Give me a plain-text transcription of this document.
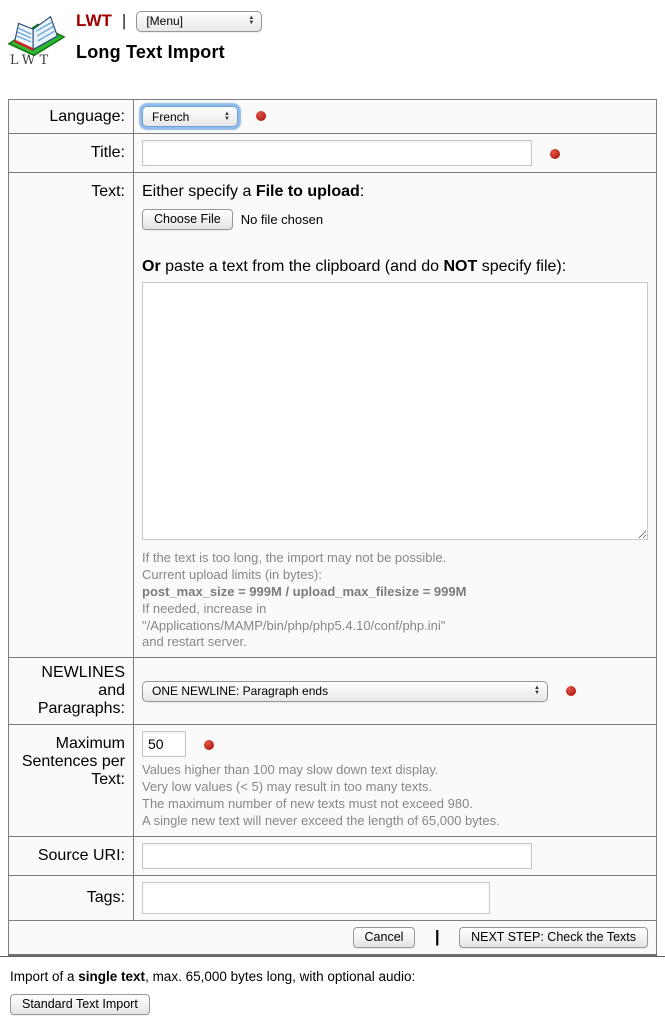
LWT
LWT | [Menu]
▲ ▼
Long Text Import
Language:	French
▲ ▼

Title:	
Text:	Either specify a File to upload:
Choose File	No file chosen
Or paste a text from the clipboard (and do NOT specify file):
If the text is too long, the import may not be possible.
Current upload limits (in bytes):
post_max_size = 999M / upload_max_filesize = 999M
If needed, increase in
"/Applications/MAMP/bin/php/php5.4.10/conf/php.ini"
and restart server.

NEWLINES and Paragraphs:	ONE NEWLINE: Paragraph ends
▲ ▼

Maximum Sentences per Text:	
50
Values higher than 100 may slow down text display.
Very low values (< 5) may result in too many texts.
The maximum number of new texts must not exceed 980.
A single new text will never exceed the length of 65,000 bytes.

Source URI:	
Tags:	

Cancel | NEXT STEP: Check the Texts	
Import of a single text, max. 65,000 bytes long, with optional audio:
Standard Text Import
